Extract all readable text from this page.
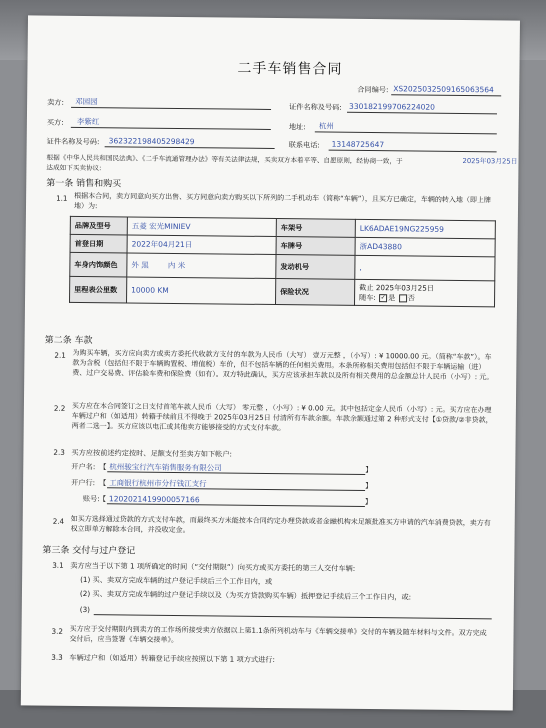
二手车销售合同
合同编号: XS20250325091650635​64
卖方: 邓园园
证件名称及号码: 330182199706224020
买方: 李紫红
地址: 杭州
证件名称及号码: 362322198405298429	联系电话: 13148725647
根据《中华人民共和国民法典》、《二手车流通管理办法》等有关法律法规，买卖双方本着平等、自愿原则，经协商一致，于	2025年03月25日
达成如下买卖协议:
第一条 销售和购买
1.1 根据本合同，卖方同意向买方出售、买方同意向卖方购买以下所列的二手机动车（简称“车辆”），且买方已确定，车辆的转入地（即上牌地）为:
品牌及型号	五菱 宏光MINIEV	车架号	LK6ADAE19NG225959
首登日期	2022年04月21日	车牌号	浙AD43880
车身内饰颜色	外 黑 内 米	发动机号	,
里程表公里数	10000 KM	保险状况	截止 2025年03月25日
随车: ✓ 是 否
第二条 车款
2.1 为购买车辆，买方应向卖方或卖方委托代收款方支付的车款为人民币（大写） 壹万元整 ，（小写）: ¥ 10000.00 元。（简称“车款”）。车款为含税（包括但不限于车辆购置税、增值税）车价，但不包括车辆的任何相关费用。本条所称相关费用包括但不限于车辆运输（进）费、过户交易费、评估验车费和保险费（如有）。双方特此确认，买方应该承担车款以及所有相关费用的总金额总计人民币（小写）: 元。
2.2 买方应在本合同签订之日支付首笔车款人民币（大写） 零元整 ，（小写）: ¥ 0.00 元。其中包括定金人民币（小写）: 元。买方应在办理车辆过户和（如适用）转籍手续前且不得晚于 2025年03月25日 付清所有车款余额。车款余额通过第 2 种形式支付【①贷款/②非贷款，两者二选一】。买方应该以电汇或其他卖方能够接受的方式支付车款。
2.3 买方应按前述约定按时、足额支付至卖方如下帐户:
开户名: 【 杭州骏宝行汽车销售服务有限公司	】
开户行: 【 工商银行杭州市分行钱江支行	】
账号: 【 1202021419900057166	】
2.4 如买方选择通过贷款的方式支付车款，而最终买方未能按本合同约定办理贷款或者金融机构未足额批准买方申请的汽车消费贷款，卖方有权立即单方解除本合同，并没收定金。
第三条 交付与过户登记
3.1 卖方应当于以下第 1 项所确定的时间（“交付期限”）向买方或买方委托的第三人交付车辆:
(1) 买、卖双方完成车辆的过户登记手续后三个工作日内，或
(2) 买、卖双方完成车辆的过户登记手续以及（为买方贷款购买车辆）抵押登记手续后三个工作日内，或:
(3)
3.2 买方应于交付期限内到卖方的工作场所接受卖方依据以上第1.1条所列机动车与《车辆交接单》交付的车辆及随车材料与文件。双方完成交付后，应当签署《车辆交接单》。
3.3 车辆过户和（如适用）转籍登记手续应按照以下第 1 项方式进行:
